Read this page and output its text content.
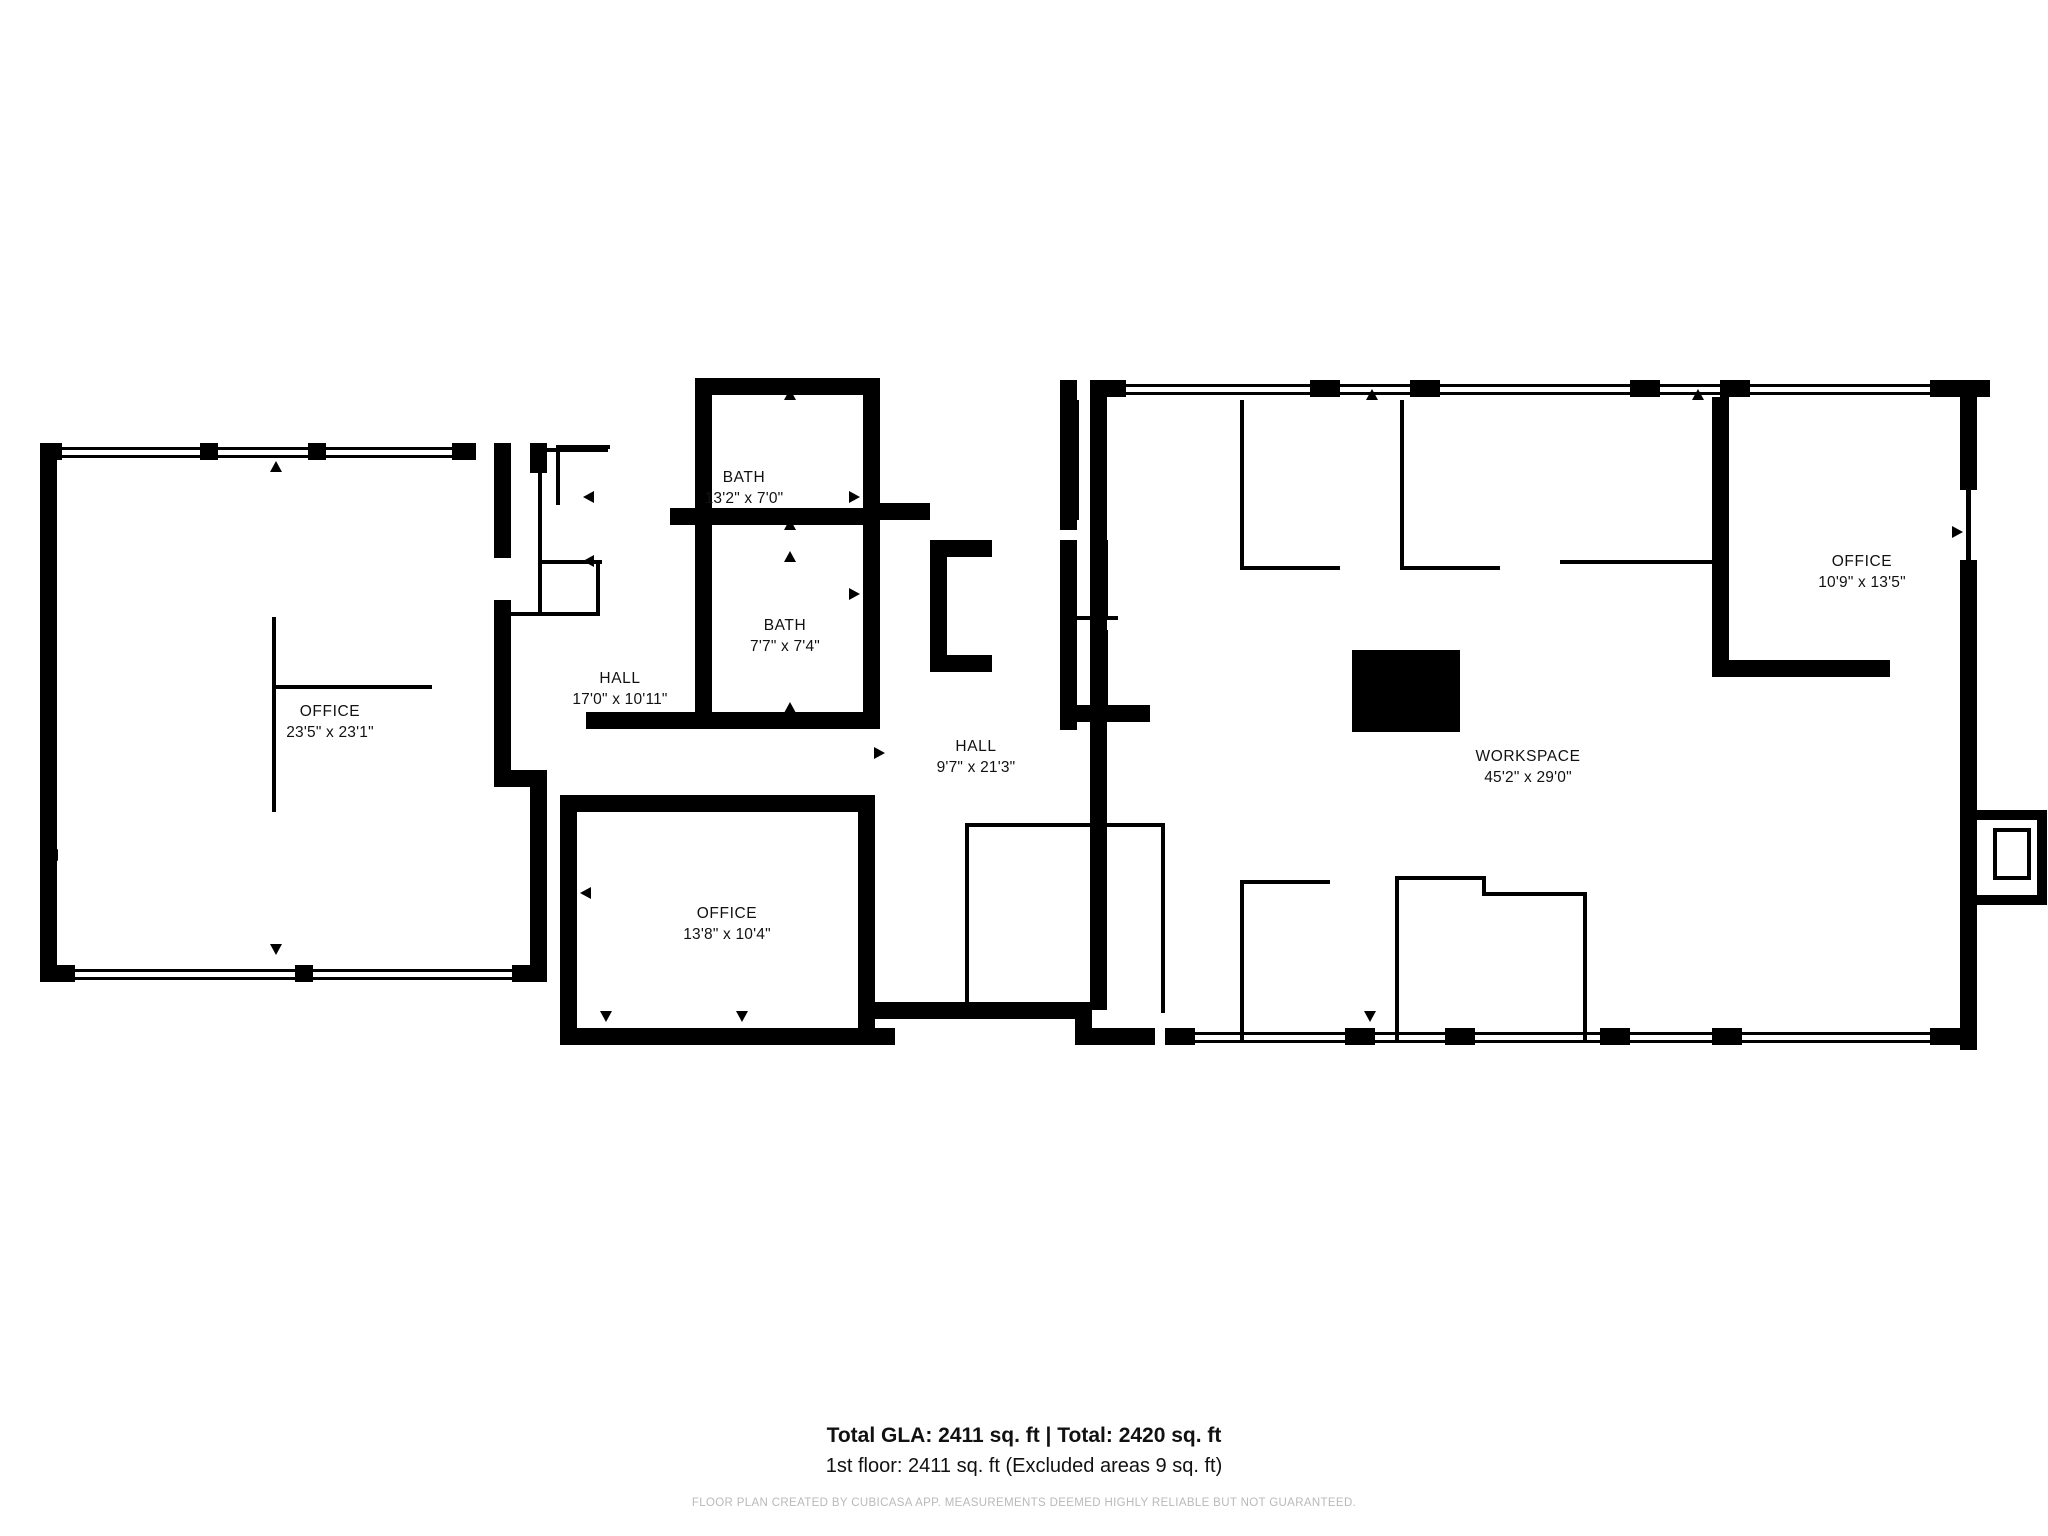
BATH
13'2" x 7'0"
BATH
7'7" x 7'4"
HALL
17'0" x 10'11"
OFFICE
23'5" x 23'1"
HALL
9'7" x 21'3"
OFFICE
13'8" x 10'4"
WORKSPACE
45'2" x 29'0"
OFFICE
10'9" x 13'5"
Total GLA: 2411 sq. ft | Total: 2420 sq. ft
1st floor: 2411 sq. ft (Excluded areas 9 sq. ft)
FLOOR PLAN CREATED BY CUBICASA APP. MEASUREMENTS DEEMED HIGHLY RELIABLE BUT NOT GUARANTEED.
